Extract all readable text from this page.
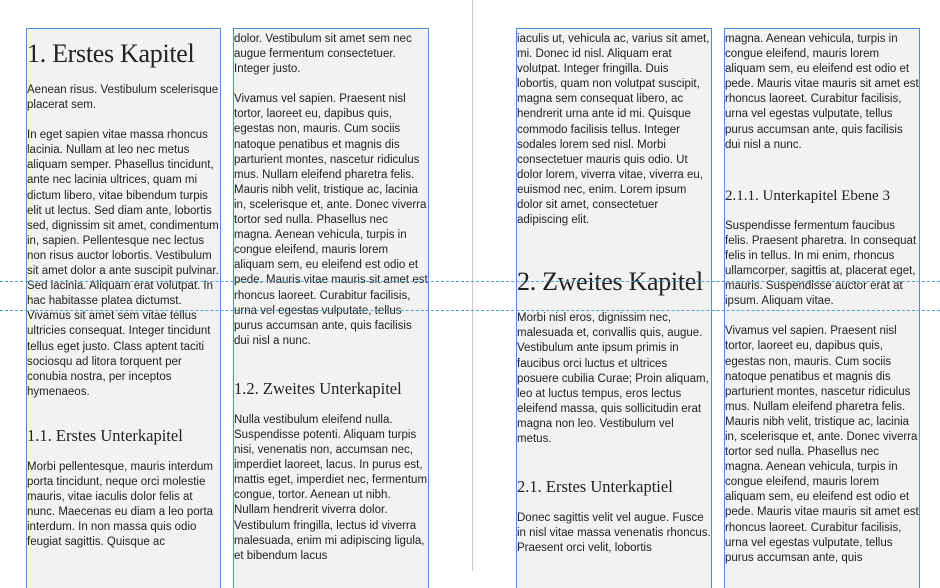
1. Erstes Kapitel

Aenean risus. Vestibulum scelerisque placerat sem.

In eget sapien vitae massa rhoncus lacinia. Nullam at leo nec metus aliquam semper. Phasellus tincidunt, ante nec lacinia ultrices, quam mi dictum libero, vitae bibendum turpis elit ut lectus. Sed diam ante, lobortis sed, dignissim sit amet, condimentum in, sapien. Pellentesque nec lectus non risus auctor lobortis. Vestibulum sit amet dolor a ante suscipit pulvinar. Sed lacinia. Aliquam erat volutpat. In hac habitasse platea dictumst. Vivamus sit amet sem vitae tellus ultricies consequat. Integer tincidunt tellus eget justo. Class aptent taciti sociosqu ad litora torquent per conubia nostra, per inceptos hymenaeos.

1.1. Erstes Unterkapitel

Morbi pellentesque, mauris interdum porta tincidunt, neque orci molestie mauris, vitae iaculis dolor felis at nunc. Maecenas eu diam a leo porta interdum. In non massa quis odio feugiat sagittis. Quisque ac

dolor. Vestibulum sit amet sem nec augue fermentum consectetuer. Integer justo.

Vivamus vel sapien. Praesent nisl tortor, laoreet eu, dapibus quis, egestas non, mauris. Cum sociis natoque penatibus et magnis dis parturient montes, nascetur ridiculus mus. Nullam eleifend pharetra felis. Mauris nibh velit, tristique ac, lacinia in, scelerisque et, ante. Donec viverra tortor sed nulla. Phasellus nec magna. Aenean vehicula, turpis in congue eleifend, mauris lorem aliquam sem, eu eleifend est odio et pede. Mauris vitae mauris sit amet est rhoncus laoreet. Curabitur facilisis, urna vel egestas vulputate, tellus purus accumsan ante, quis facilisis dui nisl a nunc.

1.2. Zweites Unterkapitel

Nulla vestibulum eleifend nulla. Suspendisse potenti. Aliquam turpis nisi, venenatis non, accumsan nec, imperdiet laoreet, lacus. In purus est, mattis eget, imperdiet nec, fermentum congue, tortor. Aenean ut nibh. Nullam hendrerit viverra dolor. Vestibulum fringilla, lectus id viverra malesuada, enim mi adipiscing ligula, et bibendum lacus

iaculis ut, vehicula ac, varius sit amet, mi. Donec id nisl. Aliquam erat volutpat. Integer fringilla. Duis lobortis, quam non volutpat suscipit, magna sem consequat libero, ac hendrerit urna ante id mi. Quisque commodo facilisis tellus. Integer sodales lorem sed nisl. Morbi consectetuer mauris quis odio. Ut dolor lorem, viverra vitae, viverra eu, euismod nec, enim. Lorem ipsum dolor sit amet, consectetuer adipiscing elit.

2. Zweites Kapitel

Morbi nisl eros, dignissim nec, malesuada et, convallis quis, augue. Vestibulum ante ipsum primis in faucibus orci luctus et ultrices posuere cubilia Curae; Proin aliquam, leo at luctus tempus, eros lectus eleifend massa, quis sollicitudin erat magna non leo. Vestibulum vel metus.

2.1. Erstes Unterkaptiel

Donec sagittis velit vel augue. Fusce in nisl vitae massa venenatis rhoncus. Praesent orci velit, lobortis

magna. Aenean vehicula, turpis in congue eleifend, mauris lorem aliquam sem, eu eleifend est odio et pede. Mauris vitae mauris sit amet est rhoncus laoreet. Curabitur facilisis, urna vel egestas vulputate, tellus purus accumsan ante, quis facilisis dui nisl a nunc.

2.1.1. Unterkapitel Ebene 3

Suspendisse fermentum faucibus felis. Praesent pharetra. In consequat felis in tellus. In mi enim, rhoncus ullamcorper, sagittis at, placerat eget, mauris. Suspendisse auctor erat at ipsum. Aliquam vitae.

Vivamus vel sapien. Praesent nisl tortor, laoreet eu, dapibus quis, egestas non, mauris. Cum sociis natoque penatibus et magnis dis parturient montes, nascetur ridiculus mus. Nullam eleifend pharetra felis. Mauris nibh velit, tristique ac, lacinia in, scelerisque et, ante. Donec viverra tortor sed nulla. Phasellus nec magna. Aenean vehicula, turpis in congue eleifend, mauris lorem aliquam sem, eu eleifend est odio et pede. Mauris vitae mauris sit amet est rhoncus laoreet. Curabitur facilisis, urna vel egestas vulputate, tellus purus accumsan ante, quis
